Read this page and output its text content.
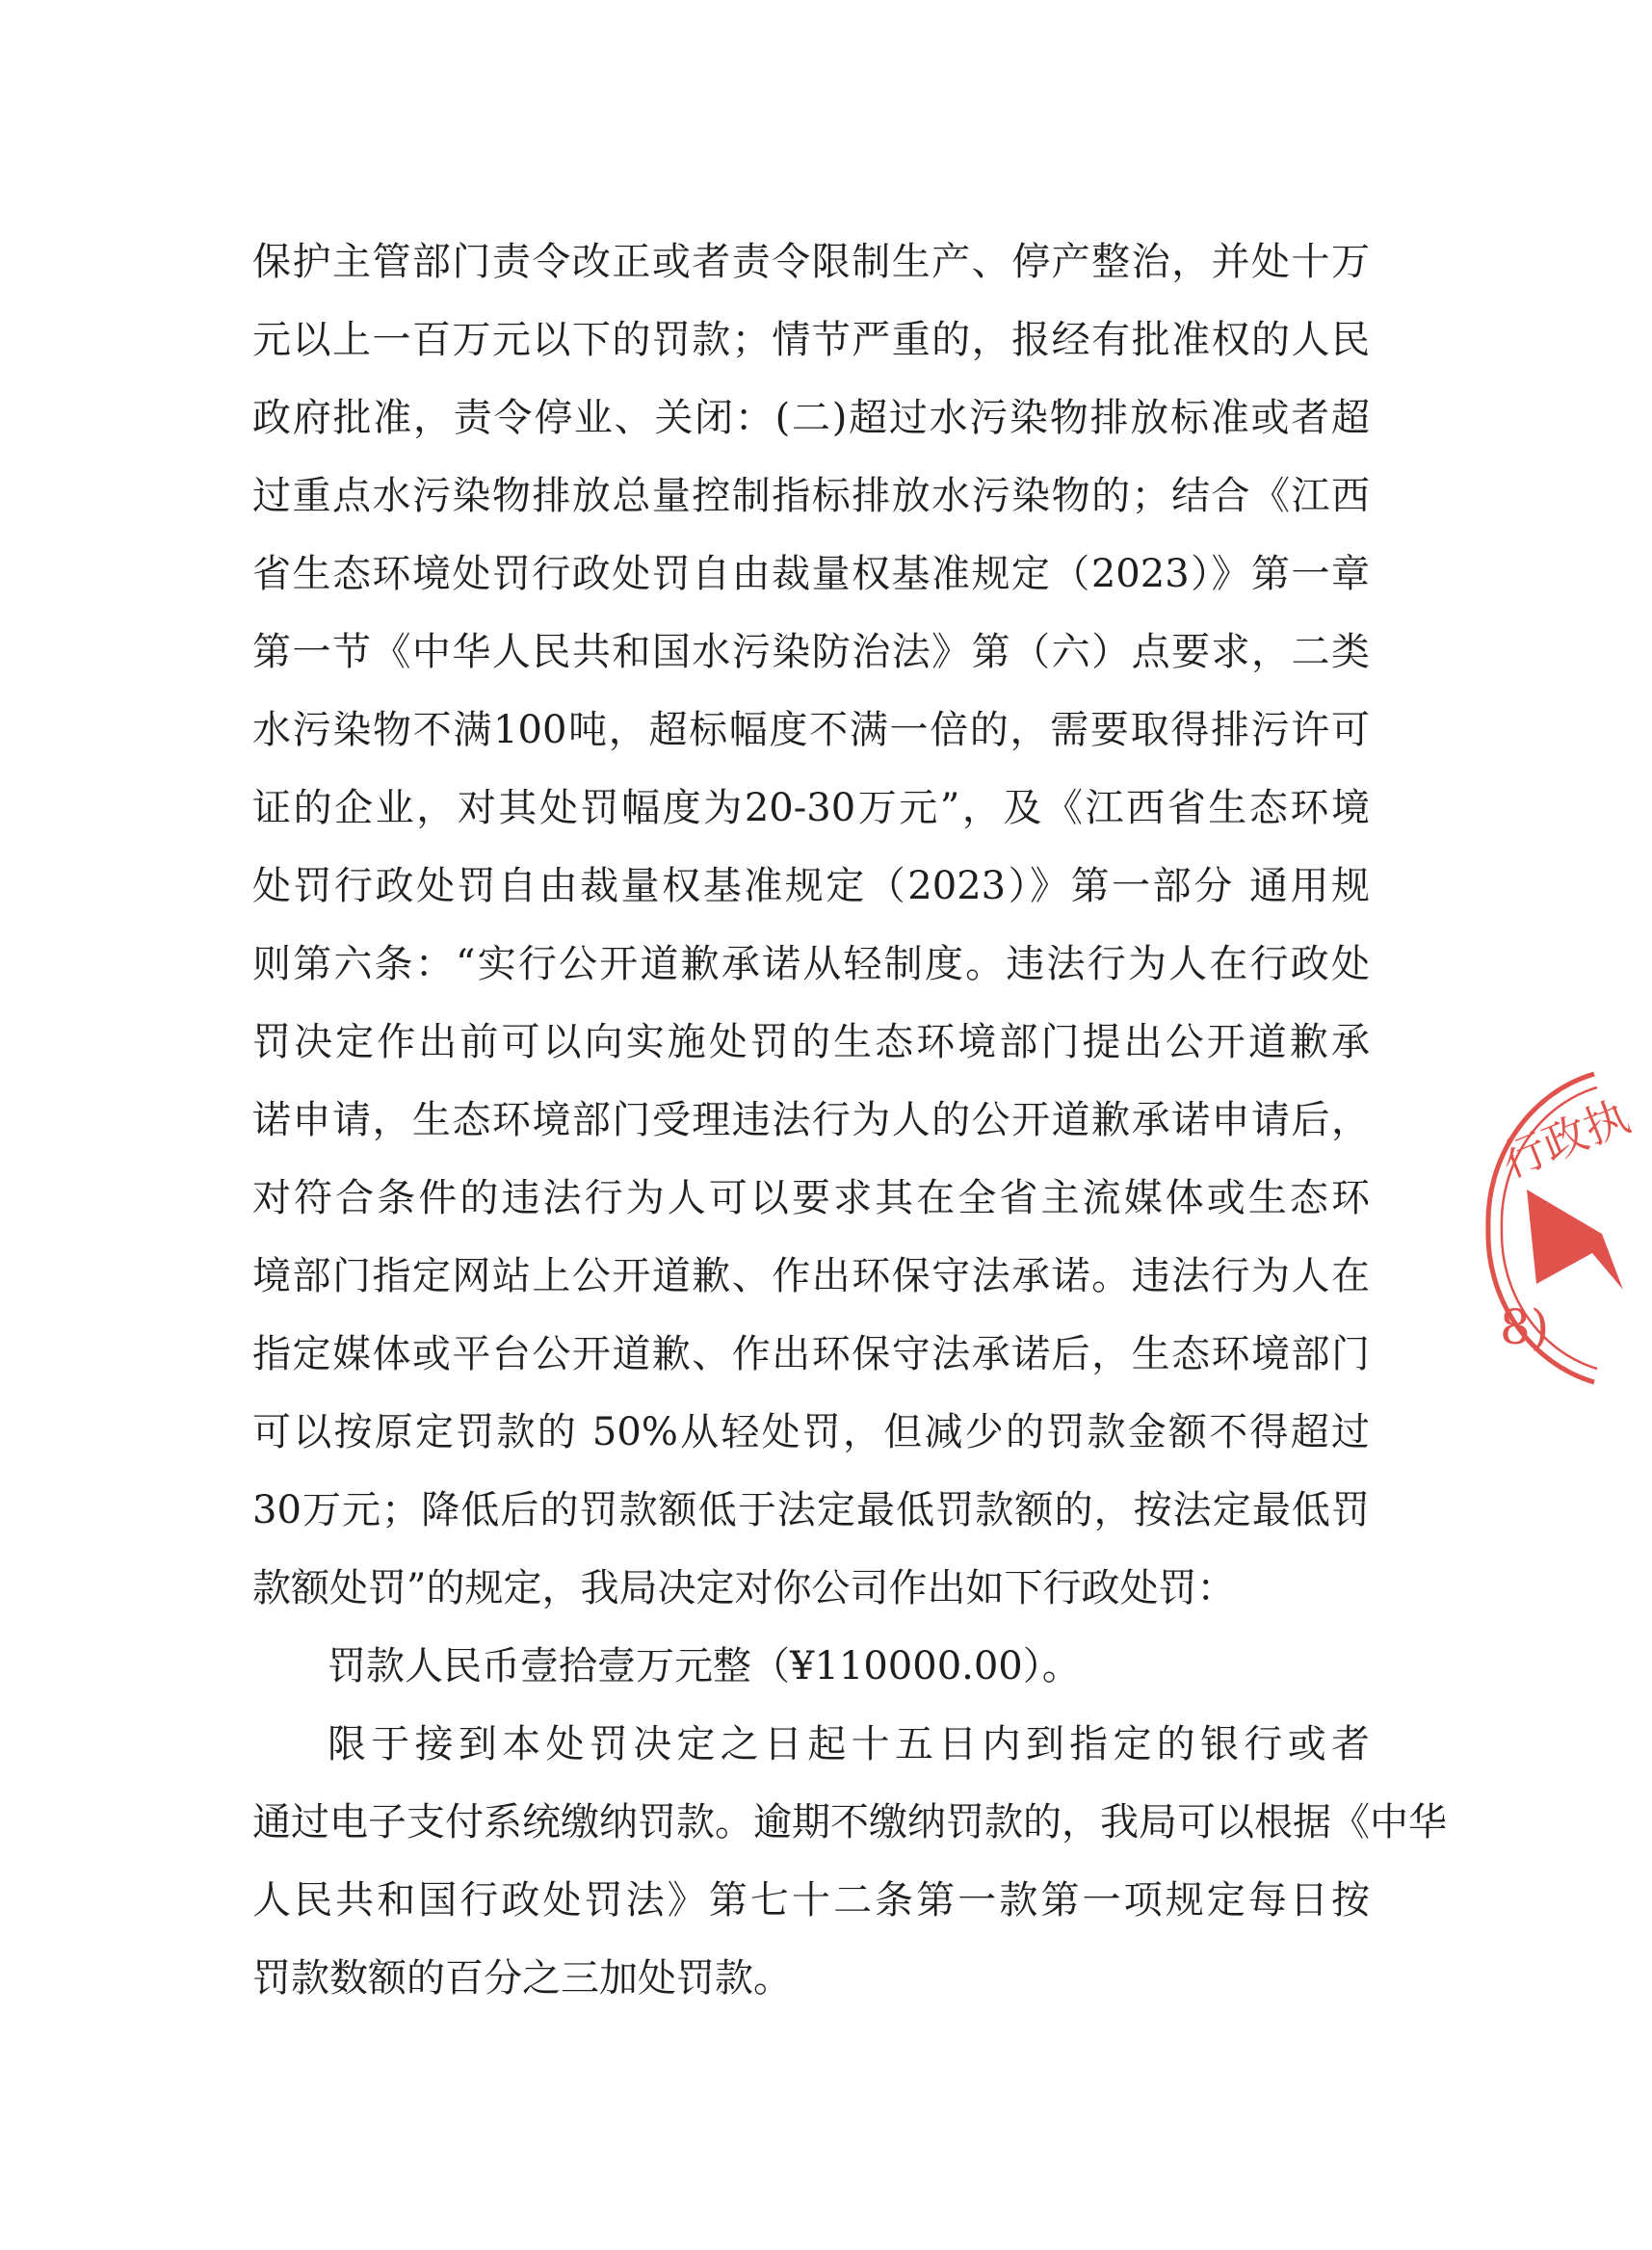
保护主管部门责令改正或者责令限制生产、停产整治，并处十万
元以上一百万元以下的罚款；情节严重的，报经有批准权的人民
政府批准，责令停业、关闭：(二)超过水污染物排放标准或者超
过重点水污染物排放总量控制指标排放水污染物的；结合《江西
省生态环境处罚行政处罚自由裁量权基准规定（2023）》第一章
第一节《中华人民共和国水污染防治法》第（六）点要求，二类
水污染物不满100吨，超标幅度不满一倍的，需要取得排污许可
证的企业，对其处罚幅度为20-30万元”，及《江西省生态环境
处罚行政处罚自由裁量权基准规定（2023）》第一部分 通用规
则第六条：“实行公开道歉承诺从轻制度。违法行为人在行政处
罚决定作出前可以向实施处罚的生态环境部门提出公开道歉承
诺申请，生态环境部门受理违法行为人的公开道歉承诺申请后，
对符合条件的违法行为人可以要求其在全省主流媒体或生态环
境部门指定网站上公开道歉、作出环保守法承诺。违法行为人在
指定媒体或平台公开道歉、作出环保守法承诺后，生态环境部门
可以按原定罚款的 50%从轻处罚，但减少的罚款金额不得超过
30万元；降低后的罚款额低于法定最低罚款额的，按法定最低罚
款额处罚”的规定，我局决定对你公司作出如下行政处罚：
罚款人民币壹拾壹万元整（¥110000.00）。
限于接到本处罚决定之日起十五日内到指定的银行或者
通过电子支付系统缴纳罚款。逾期不缴纳罚款的，我局可以根据《中华
人民共和国行政处罚法》第七十二条第一款第一项规定每日按
罚款数额的百分之三加处罚款。
行政执
8)
